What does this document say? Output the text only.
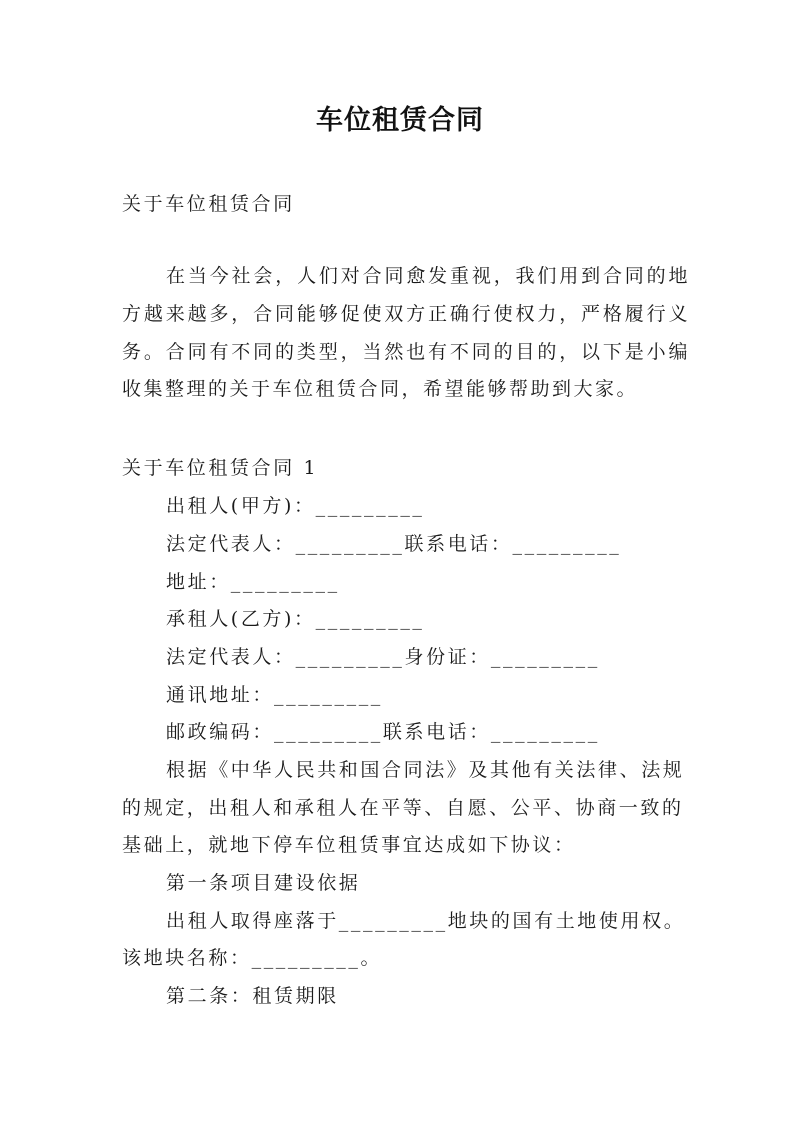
车位租赁合同
关于车位租赁合同
在当今社会，人们对合同愈发重视，我们用到合同的地方越来越多，合同能够促使双方正确行使权力，严格履行义务。合同有不同的类型，当然也有不同的目的，以下是小编收集整理的关于车位租赁合同，希望能够帮助到大家。
关于车位租赁合同 1
出租人(甲方)：_________
法定代表人：_________联系电话：_________
地址：_________
承租人(乙方)：_________
法定代表人：_________身份证：_________
通讯地址：_________
邮政编码：_________联系电话：_________
根据《中华人民共和国合同法》及其他有关法律、法规
的规定，出租人和承租人在平等、自愿、公平、协商一致的
基础上，就地下停车位租赁事宜达成如下协议：
第一条项目建设依据
出租人取得座落于_________地块的国有土地使用权。
该地块名称：_________。
第二条：租赁期限
